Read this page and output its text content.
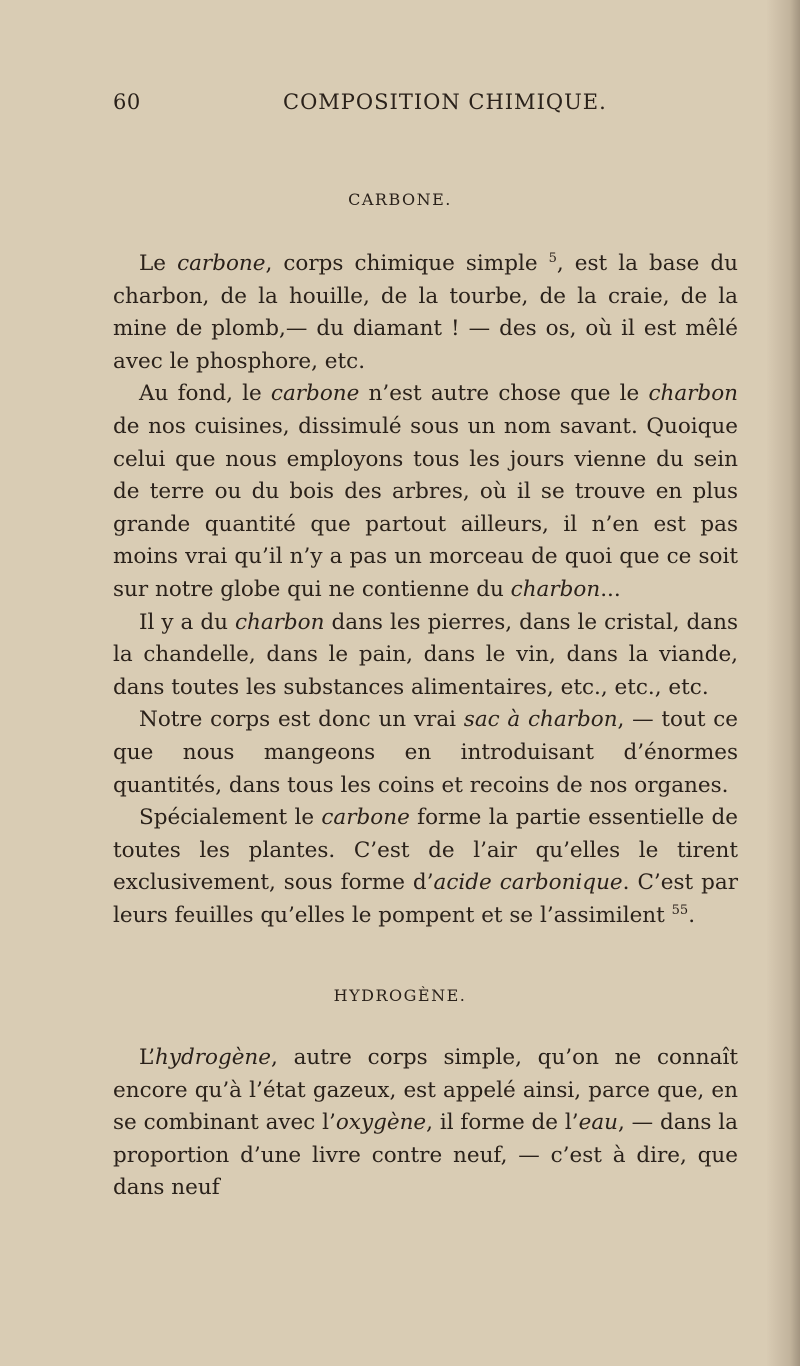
60	COMPOSITION CHIMIQUE.
CARBONE.

Le carbone, corps chimique simple $^5$, est la base du charbon, de la houille, de la tourbe, de la craie, de la mine de plomb,— du diamant ! — des os, où il est mêlé avec le phosphore, etc.

Au fond, le carbone n’est autre chose que le charbon de nos cuisines, dissimulé sous un nom savant. Quoique celui que nous employons tous les jours vienne du sein de terre ou du bois des arbres, où il se trouve en plus grande quantité que partout ailleurs, il n’en est pas moins vrai qu’il n’y a pas un morceau de quoi que ce soit sur notre globe qui ne contienne du charbon...

Il y a du charbon dans les pierres, dans le cristal, dans la chandelle, dans le pain, dans le vin, dans la viande, dans toutes les substances alimentaires, etc., etc., etc.

Notre corps est donc un vrai sac à charbon, — tout ce que nous mangeons en introduisant d’énormes quantités, dans tous les coins et recoins de nos organes.

Spécialement le carbone forme la partie essentielle de toutes les plantes. C’est de l’air qu’elles le tirent exclusivement, sous forme d’acide carbonique. C’est par leurs feuilles qu’elles le pompent et se l’assimilent $^{55}$.

HYDROGÈNE.

L’hydrogène, autre corps simple, qu’on ne connaît encore qu’à l’état gazeux, est appelé ainsi, parce que, en se combinant avec l’oxygène, il forme de l’eau, — dans la proportion d’une livre contre neuf, — c’est à dire, que dans neuf
